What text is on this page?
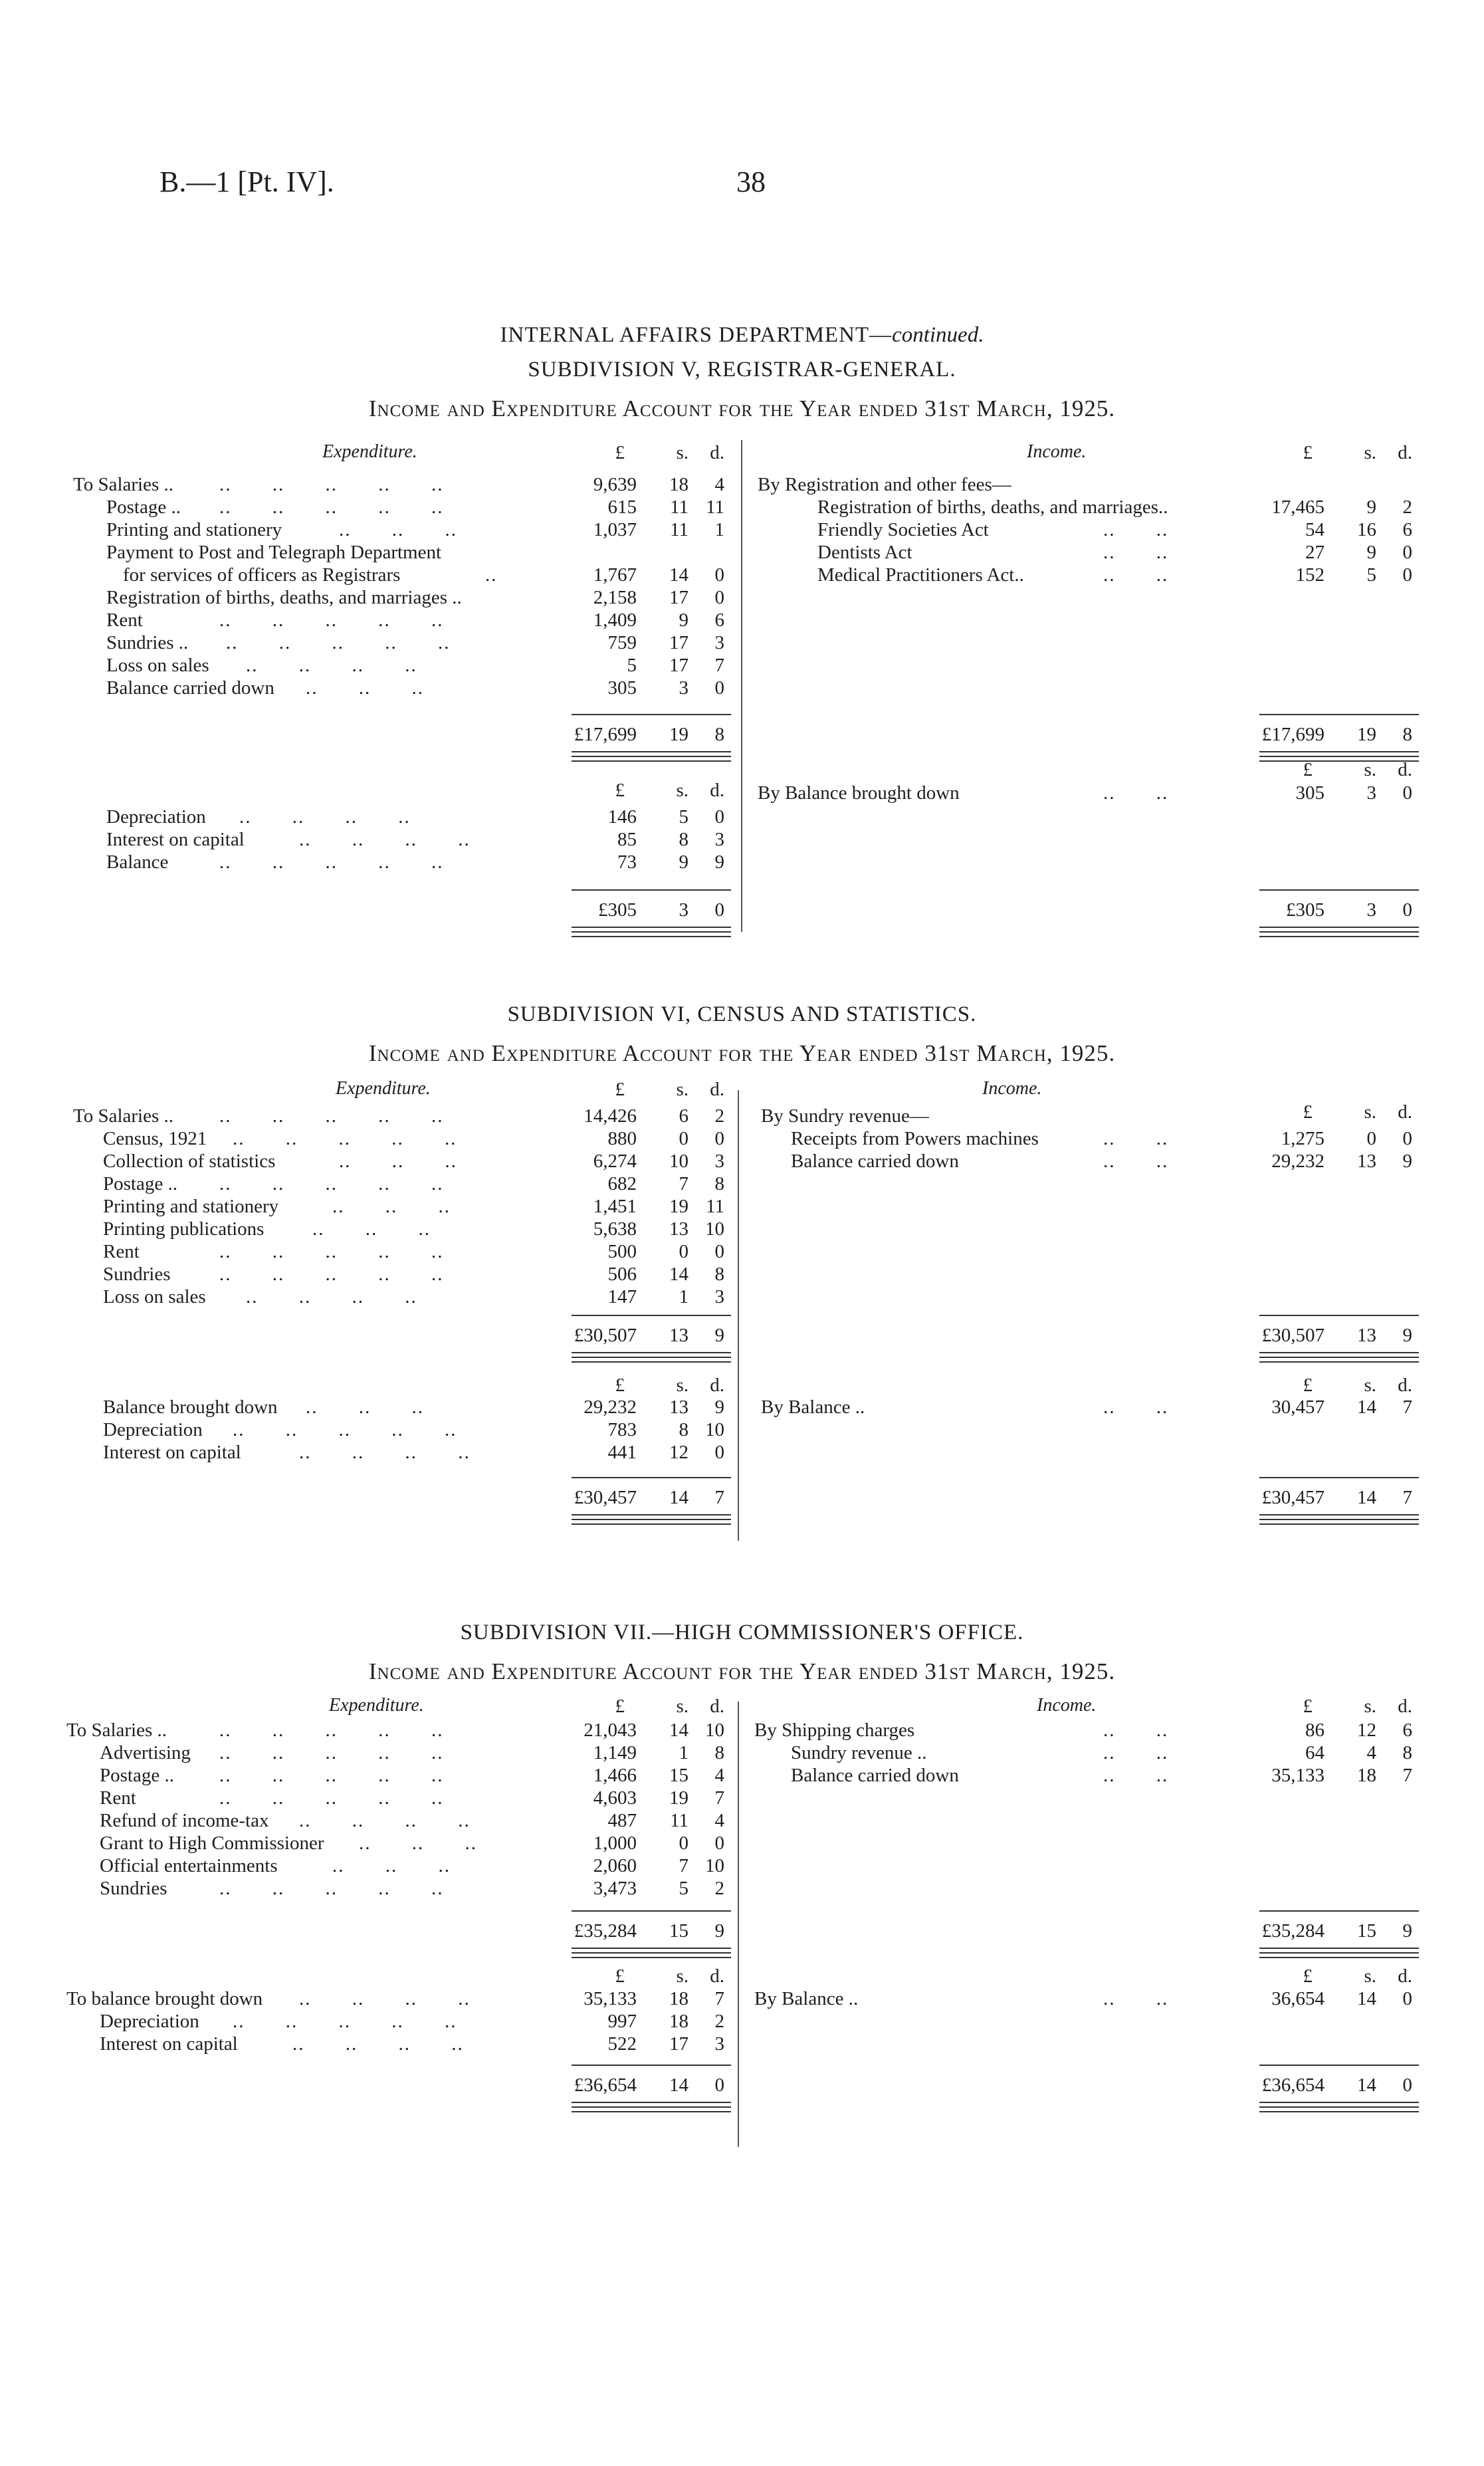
B.—1 [Pt. IV].	38
INTERNAL AFFAIRS DEPARTMENT—continued.
SUBDIVISION V, REGISTRAR-GENERAL.
Income and Expenditure Account for the Year ended 31st March, 1925.
Expenditure.	Income.
£	s.	d.	£	s.	d.
To Salaries .. .. .. .. .. ..	9,639	18	4
Postage .. .. .. .. .. ..	615	11 11
Printing and stationery	.. .. ..	1,037	11	1
Payment to Post and Telegraph Department
for services of officers as Registrars	..	1,767	14	0
Registration of births, deaths, and marriages ..	2,158	17	0
Rent	.. .. .. .. ..	1,409	9	6
Sundries .. .. .. .. .. ..	759	17	3
Loss on sales .. .. .. ..	5	17	7
Balance carried down .. .. ..	305	3	0
By Registration and other fees—
Registration of births, deaths, and marriages..	17,465	9	2
Friendly Societies Act	.. ..	54	16	6
Dentists Act	.. ..	27	9	0
Medical Practitioners Act..	.. ..	152	5	0
£17,699	19	8	£17,699	19	8
£	s.	d.
£	s.	d.
Depreciation .. .. .. ..	146	5	0
Interest on capital	.. .. .. ..	85	8	3
Balance	.. .. .. .. ..	73	9	9
By Balance brought down	.. ..	305	3	0
£305	3	0	£305	3	0
SUBDIVISION VI, CENSUS AND STATISTICS.
Income and Expenditure Account for the Year ended 31st March, 1925.
Expenditure.	Income.
£	s.	d.
To Salaries .. .. .. .. .. ..	14,426	6	2
Census, 1921 .. .. .. .. ..	880	0	0
Collection of statistics	.. .. ..	6,274	10	3
Postage .. .. .. .. .. ..	682	7	8
Printing and stationery	.. .. ..	1,451	19 11
Printing publications	.. .. ..	5,638	13 10
Rent	.. .. .. .. ..	500	0	0
Sundries	.. .. .. .. ..	506	14	8
Loss on sales .. .. .. ..	147	1	3
By Sundry revenue—
Receipts from Powers machines	.. ..	1,275	0	0
Balance carried down	.. ..	29,232	13	9
£	s.	d.
£30,507	13	9	£30,507	13	9
£	s.	d.	£	s.	d.
Balance brought down .. .. ..	29,232	13	9
Depreciation .. .. .. .. ..	783	8 10
Interest on capital	.. .. .. ..	441	12	0
By Balance ..	.. ..	30,457	14	7
£30,457	14	7	£30,457	14	7
SUBDIVISION VII.—HIGH COMMISSIONER'S OFFICE.
Income and Expenditure Account for the Year ended 31st March, 1925.
Expenditure.	Income.
£	s.	d.	£	s.	d.
To Salaries ..	.. .. .. .. ..	21,043	14 10
Advertising .. .. .. .. ..	1,149	1	8
Postage .. .. .. .. .. ..	1,466	15	4
Rent	.. .. .. .. ..	4,603	19	7
Refund of income-tax .. .. .. ..	487	11	4
Grant to High Commissioner .. .. ..	1,000	0	0
Official entertainments	.. .. ..	2,060	7 10
Sundries	.. .. .. .. ..	3,473	5	2
By Shipping charges	.. ..	86	12	6
Sundry revenue ..	.. ..	64	4	8
Balance carried down	.. ..	35,133	18	7
£35,284	15	9	£35,284	15	9
£	s.	d.	£	s.	d.
To balance brought down .. .. .. ..	35,133	18	7
Depreciation .. .. .. .. ..	997	18	2
Interest on capital	.. .. .. ..	522	17	3
By Balance ..	.. ..	36,654	14	0
£36,654	14	0	£36,654	14	0
